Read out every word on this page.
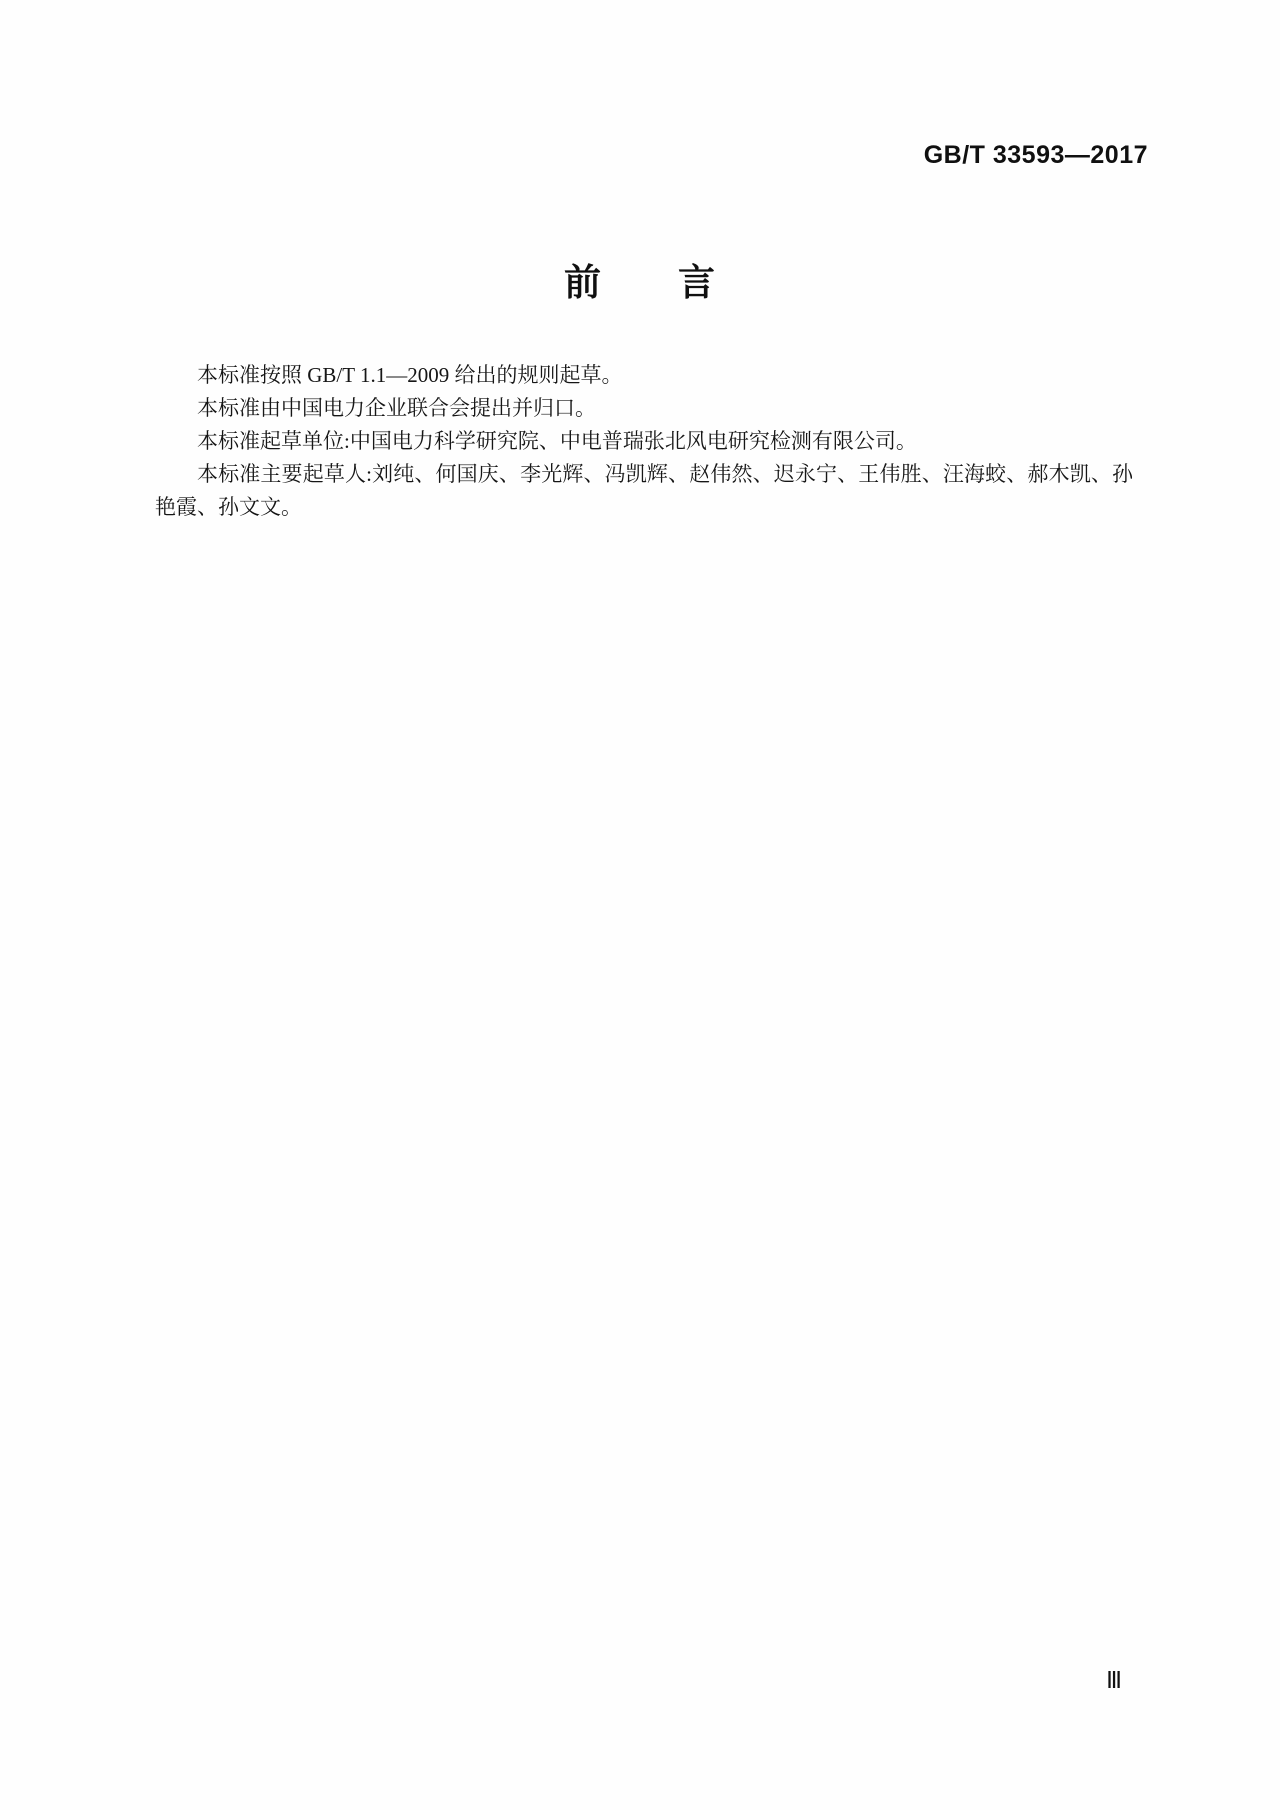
GB/T 33593—2017
前　　言

本标准按照 GB/T 1.1—2009 给出的规则起草。

本标准由中国电力企业联合会提出并归口。

本标准起草单位:中国电力科学研究院、中电普瑞张北风电研究检测有限公司。

本标准主要起草人:刘纯、何国庆、李光辉、冯凯辉、赵伟然、迟永宁、王伟胜、汪海蛟、郝木凯、孙艳霞、孙文文。

Ⅲ
